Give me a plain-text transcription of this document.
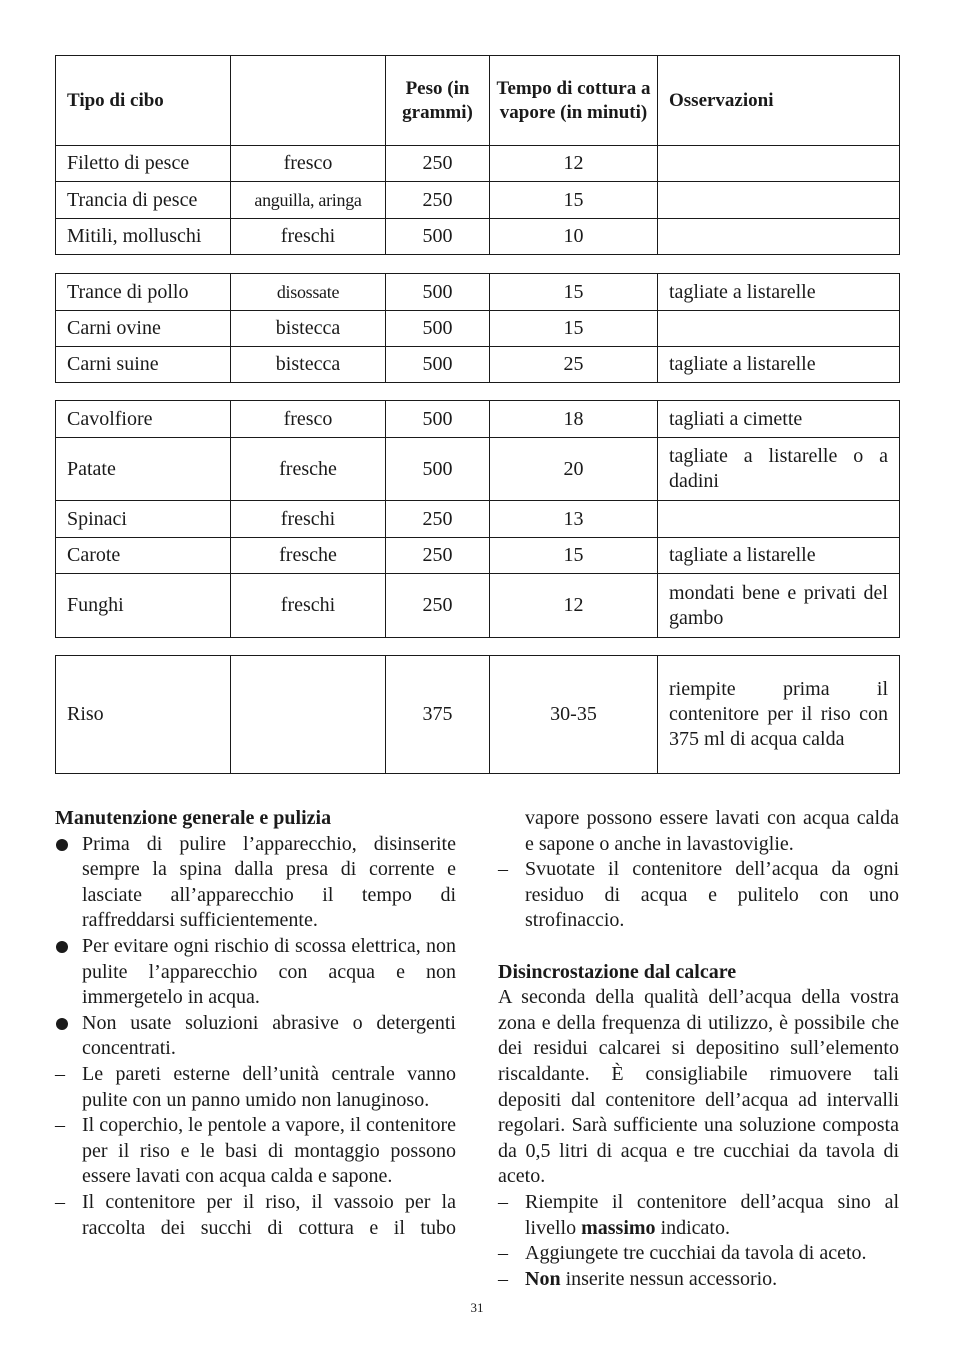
Tipo di cibo		Peso (in grammi)	Tempo di cottura a vapore (in minuti)	Osservazioni
Filetto di pesce	fresco	250	12	
Trancia di pesce	anguilla, aringa	250	15	
Mitili, molluschi	freschi	500	10	
Trance di pollo	disossate	500	15	tagliate a listarelle
Carni ovine	bistecca	500	15	
Carni suine	bistecca	500	25	tagliate a listarelle
Cavolfiore	fresco	500	18	tagliati a cimette
Patate	fresche	500	20	tagliate a listarelle o a dadini
Spinaci	freschi	250	13	
Carote	fresche	250	15	tagliate a listarelle
Funghi	freschi	250	12	mondati bene e privati del gambo
Riso		375	30-35	riempite prima il contenitore per il riso con 375 ml di acqua calda

Manutenzione generale e pulizia

Prima di pulire l’apparecchio, disinserite sempre la spina dalla presa di corrente e lasciate all’apparecchio il tempo di raffreddarsi sufficientemente.

Per evitare ogni rischio di scossa elettrica, non pulite l’apparecchio con acqua e non immergetelo in acqua.

Non usate soluzioni abrasive o detergenti concentrati.

– Le pareti esterne dell’unità centrale vanno pulite con un panno umido non lanuginoso.

– Il coperchio, le pentole a vapore, il contenitore per il riso e le basi di montaggio possono essere lavati con acqua calda e sapone.

– Il contenitore per il riso, il vassoio per la raccolta dei succhi di cottura e il tubo

vapore possono essere lavati con acqua calda e sapone o anche in lavastoviglie.

– Svuotate il contenitore dell’acqua da ogni residuo di acqua e pulitelo con uno strofinaccio.

Disincrostazione dal calcare

A seconda della qualità dell’acqua della vostra zona e della frequenza di utilizzo, è possibile che dei residui calcarei si depositino sull’elemento riscaldante. È consigliabile rimuovere tali depositi dal contenitore dell’acqua ad intervalli regolari. Sarà sufficiente una soluzione composta da 0,5 litri di acqua e tre cucchiai da tavola di aceto.

– Riempite il contenitore dell’acqua sino al livello massimo indicato.

– Aggiungete tre cucchiai da tavola di aceto.

– Non inserite nessun accessorio.

31
